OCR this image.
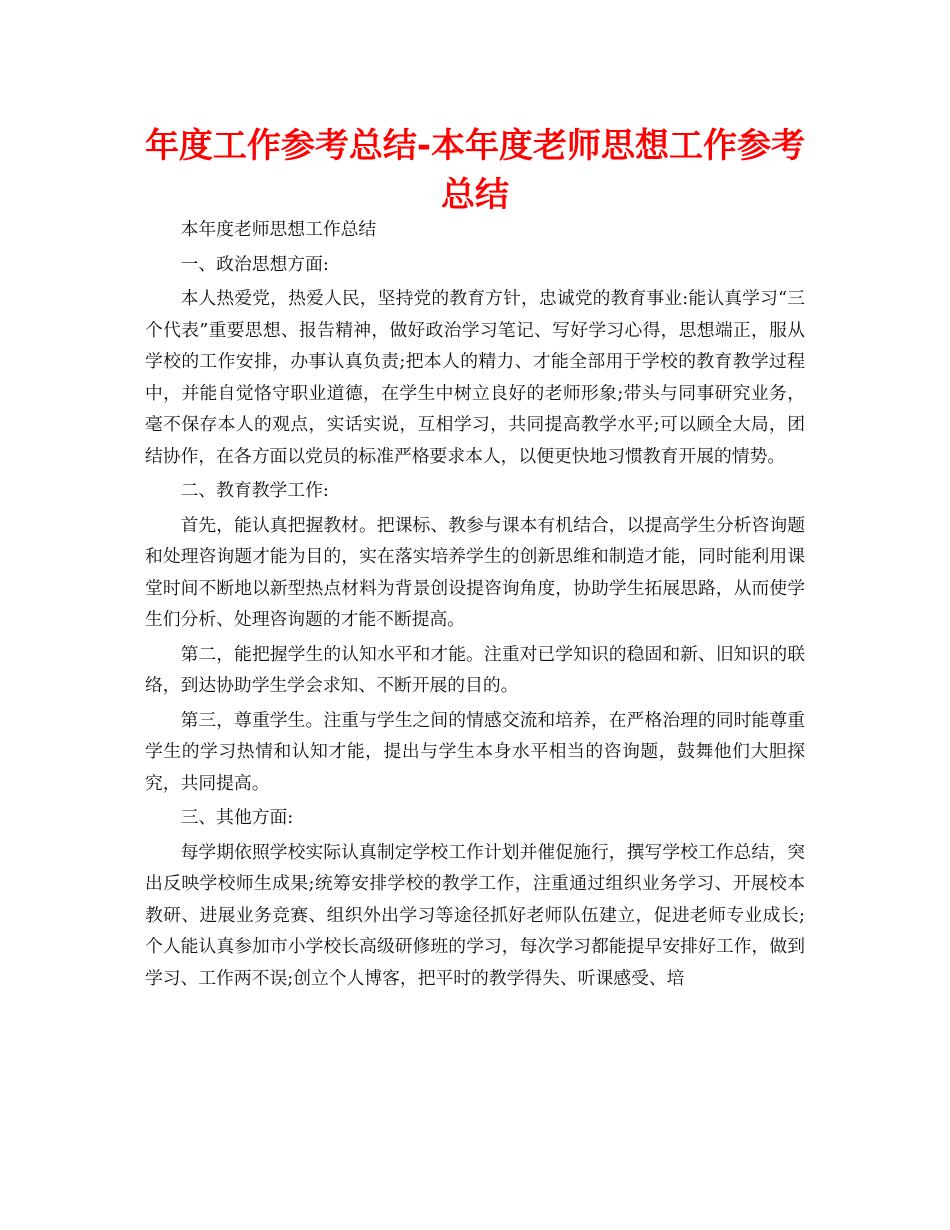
年度工作参考总结-本年度老师思想工作参考总结

本年度老师思想工作总结

一、政治思想方面:

本人热爱党，热爱人民，坚持党的教育方针，忠诚党的教育事业:能认真学习“三个代表”重要思想、报告精神，做好政治学习笔记、写好学习心得，思想端正，服从学校的工作安排，办事认真负责;把本人的精力、才能全部用于学校的教育教学过程中，并能自觉恪守职业道德，在学生中树立良好的老师形象;带头与同事研究业务，毫不保存本人的观点，实话实说，互相学习，共同提高教学水平;可以顾全大局，团结协作，在各方面以党员的标准严格要求本人，以便更快地习惯教育开展的情势。

二、教育教学工作:

首先，能认真把握教材。把课标、教参与课本有机结合，以提高学生分析咨询题和处理咨询题才能为目的，实在落实培养学生的创新思维和制造才能，同时能利用课堂时间不断地以新型热点材料为背景创设提咨询角度，协助学生拓展思路，从而使学生们分析、处理咨询题的才能不断提高。

第二，能把握学生的认知水平和才能。注重对已学知识的稳固和新、旧知识的联络，到达协助学生学会求知、不断开展的目的。

第三，尊重学生。注重与学生之间的情感交流和培养，在严格治理的同时能尊重学生的学习热情和认知才能，提出与学生本身水平相当的咨询题，鼓舞他们大胆探究，共同提高。

三、其他方面:

每学期依照学校实际认真制定学校工作计划并催促施行，撰写学校工作总结，突出反映学校师生成果;统筹安排学校的教学工作，注重通过组织业务学习、开展校本教研、进展业务竞赛、组织外出学习等途径抓好老师队伍建立，促进老师专业成长;个人能认真参加市小学校长高级研修班的学习，每次学习都能提早安排好工作，做到学习、工作两不误;创立个人博客，把平时的教学得失、听课感受、培
